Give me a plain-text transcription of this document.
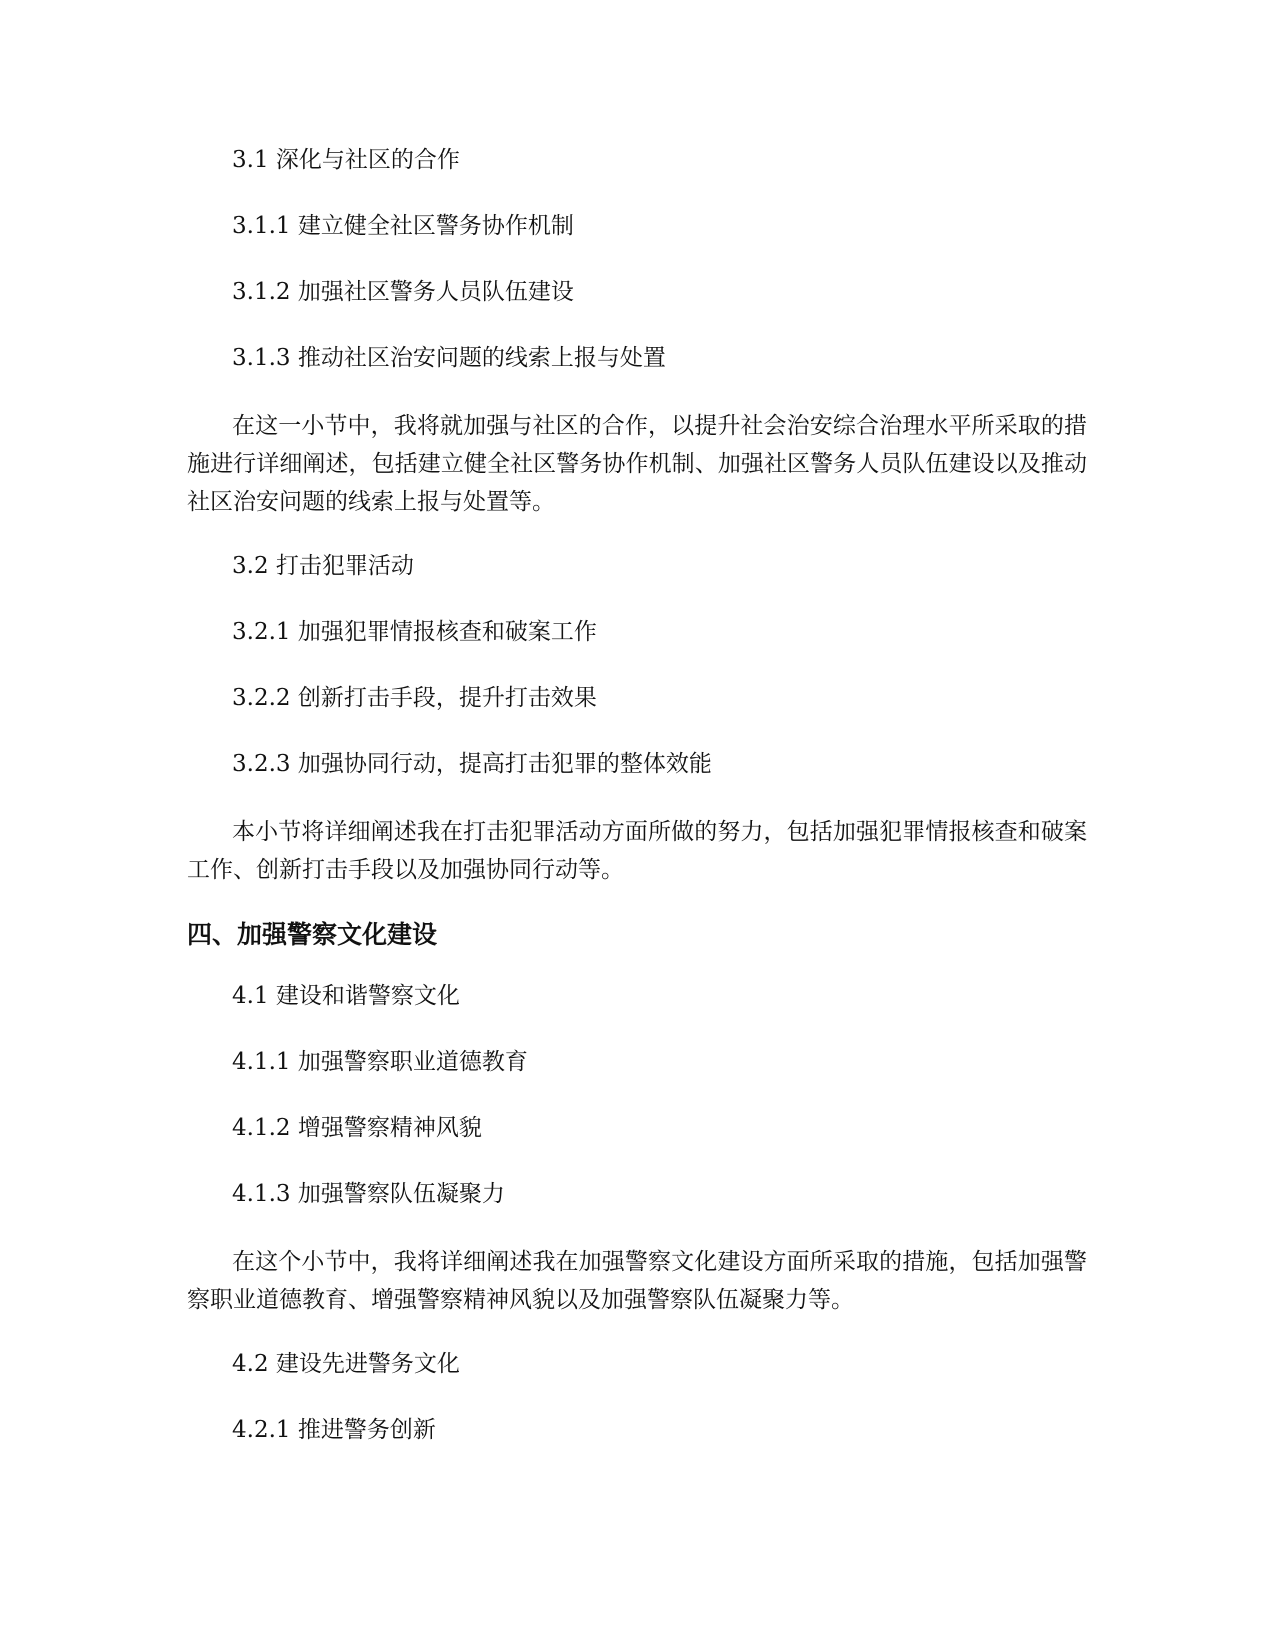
3.1 深化与社区的合作

3.1.1 建立健全社区警务协作机制

3.1.2 加强社区警务人员队伍建设

3.1.3 推动社区治安问题的线索上报与处置

在这一小节中，我将就加强与社区的合作，以提升社会治安综合治理水平所采取的措施进行详细阐述，包括建立健全社区警务协作机制、加强社区警务人员队伍建设以及推动社区治安问题的线索上报与处置等。

3.2 打击犯罪活动

3.2.1 加强犯罪情报核查和破案工作

3.2.2 创新打击手段，提升打击效果

3.2.3 加强协同行动，提高打击犯罪的整体效能

本小节将详细阐述我在打击犯罪活动方面所做的努力，包括加强犯罪情报核查和破案工作、创新打击手段以及加强协同行动等。

四、加强警察文化建设

4.1 建设和谐警察文化

4.1.1 加强警察职业道德教育

4.1.2 增强警察精神风貌

4.1.3 加强警察队伍凝聚力

在这个小节中，我将详细阐述我在加强警察文化建设方面所采取的措施，包括加强警察职业道德教育、增强警察精神风貌以及加强警察队伍凝聚力等。

4.2 建设先进警务文化

4.2.1 推进警务创新
